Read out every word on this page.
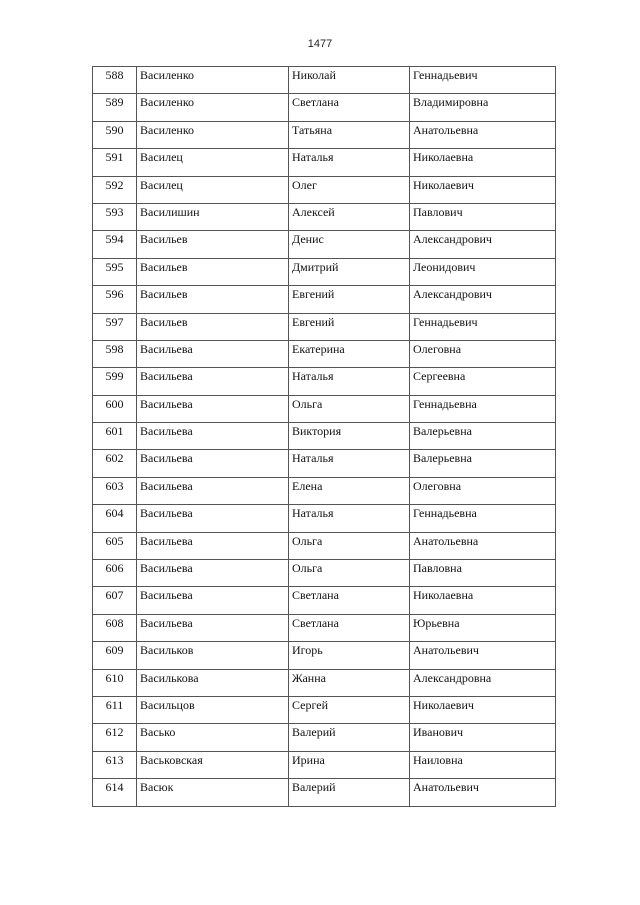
1477
588	Василенко	Николай	Геннадьевич
589	Василенко	Светлана	Владимировна
590	Василенко	Татьяна	Анатольевна
591	Василец	Наталья	Николаевна
592	Василец	Олег	Николаевич
593	Василишин	Алексей	Павлович
594	Васильев	Денис	Александрович
595	Васильев	Дмитрий	Леонидович
596	Васильев	Евгений	Александрович
597	Васильев	Евгений	Геннадьевич
598	Васильева	Екатерина	Олеговна
599	Васильева	Наталья	Сергеевна
600	Васильева	Ольга	Геннадьевна
601	Васильева	Виктория	Валерьевна
602	Васильева	Наталья	Валерьевна
603	Васильева	Елена	Олеговна
604	Васильева	Наталья	Геннадьевна
605	Васильева	Ольга	Анатольевна
606	Васильева	Ольга	Павловна
607	Васильева	Светлана	Николаевна
608	Васильева	Светлана	Юрьевна
609	Васильков	Игорь	Анатольевич
610	Василькова	Жанна	Александровна
611	Васильцов	Сергей	Николаевич
612	Васько	Валерий	Иванович
613	Васьковская	Ирина	Наиловна
614	Васюк	Валерий	Анатольевич
